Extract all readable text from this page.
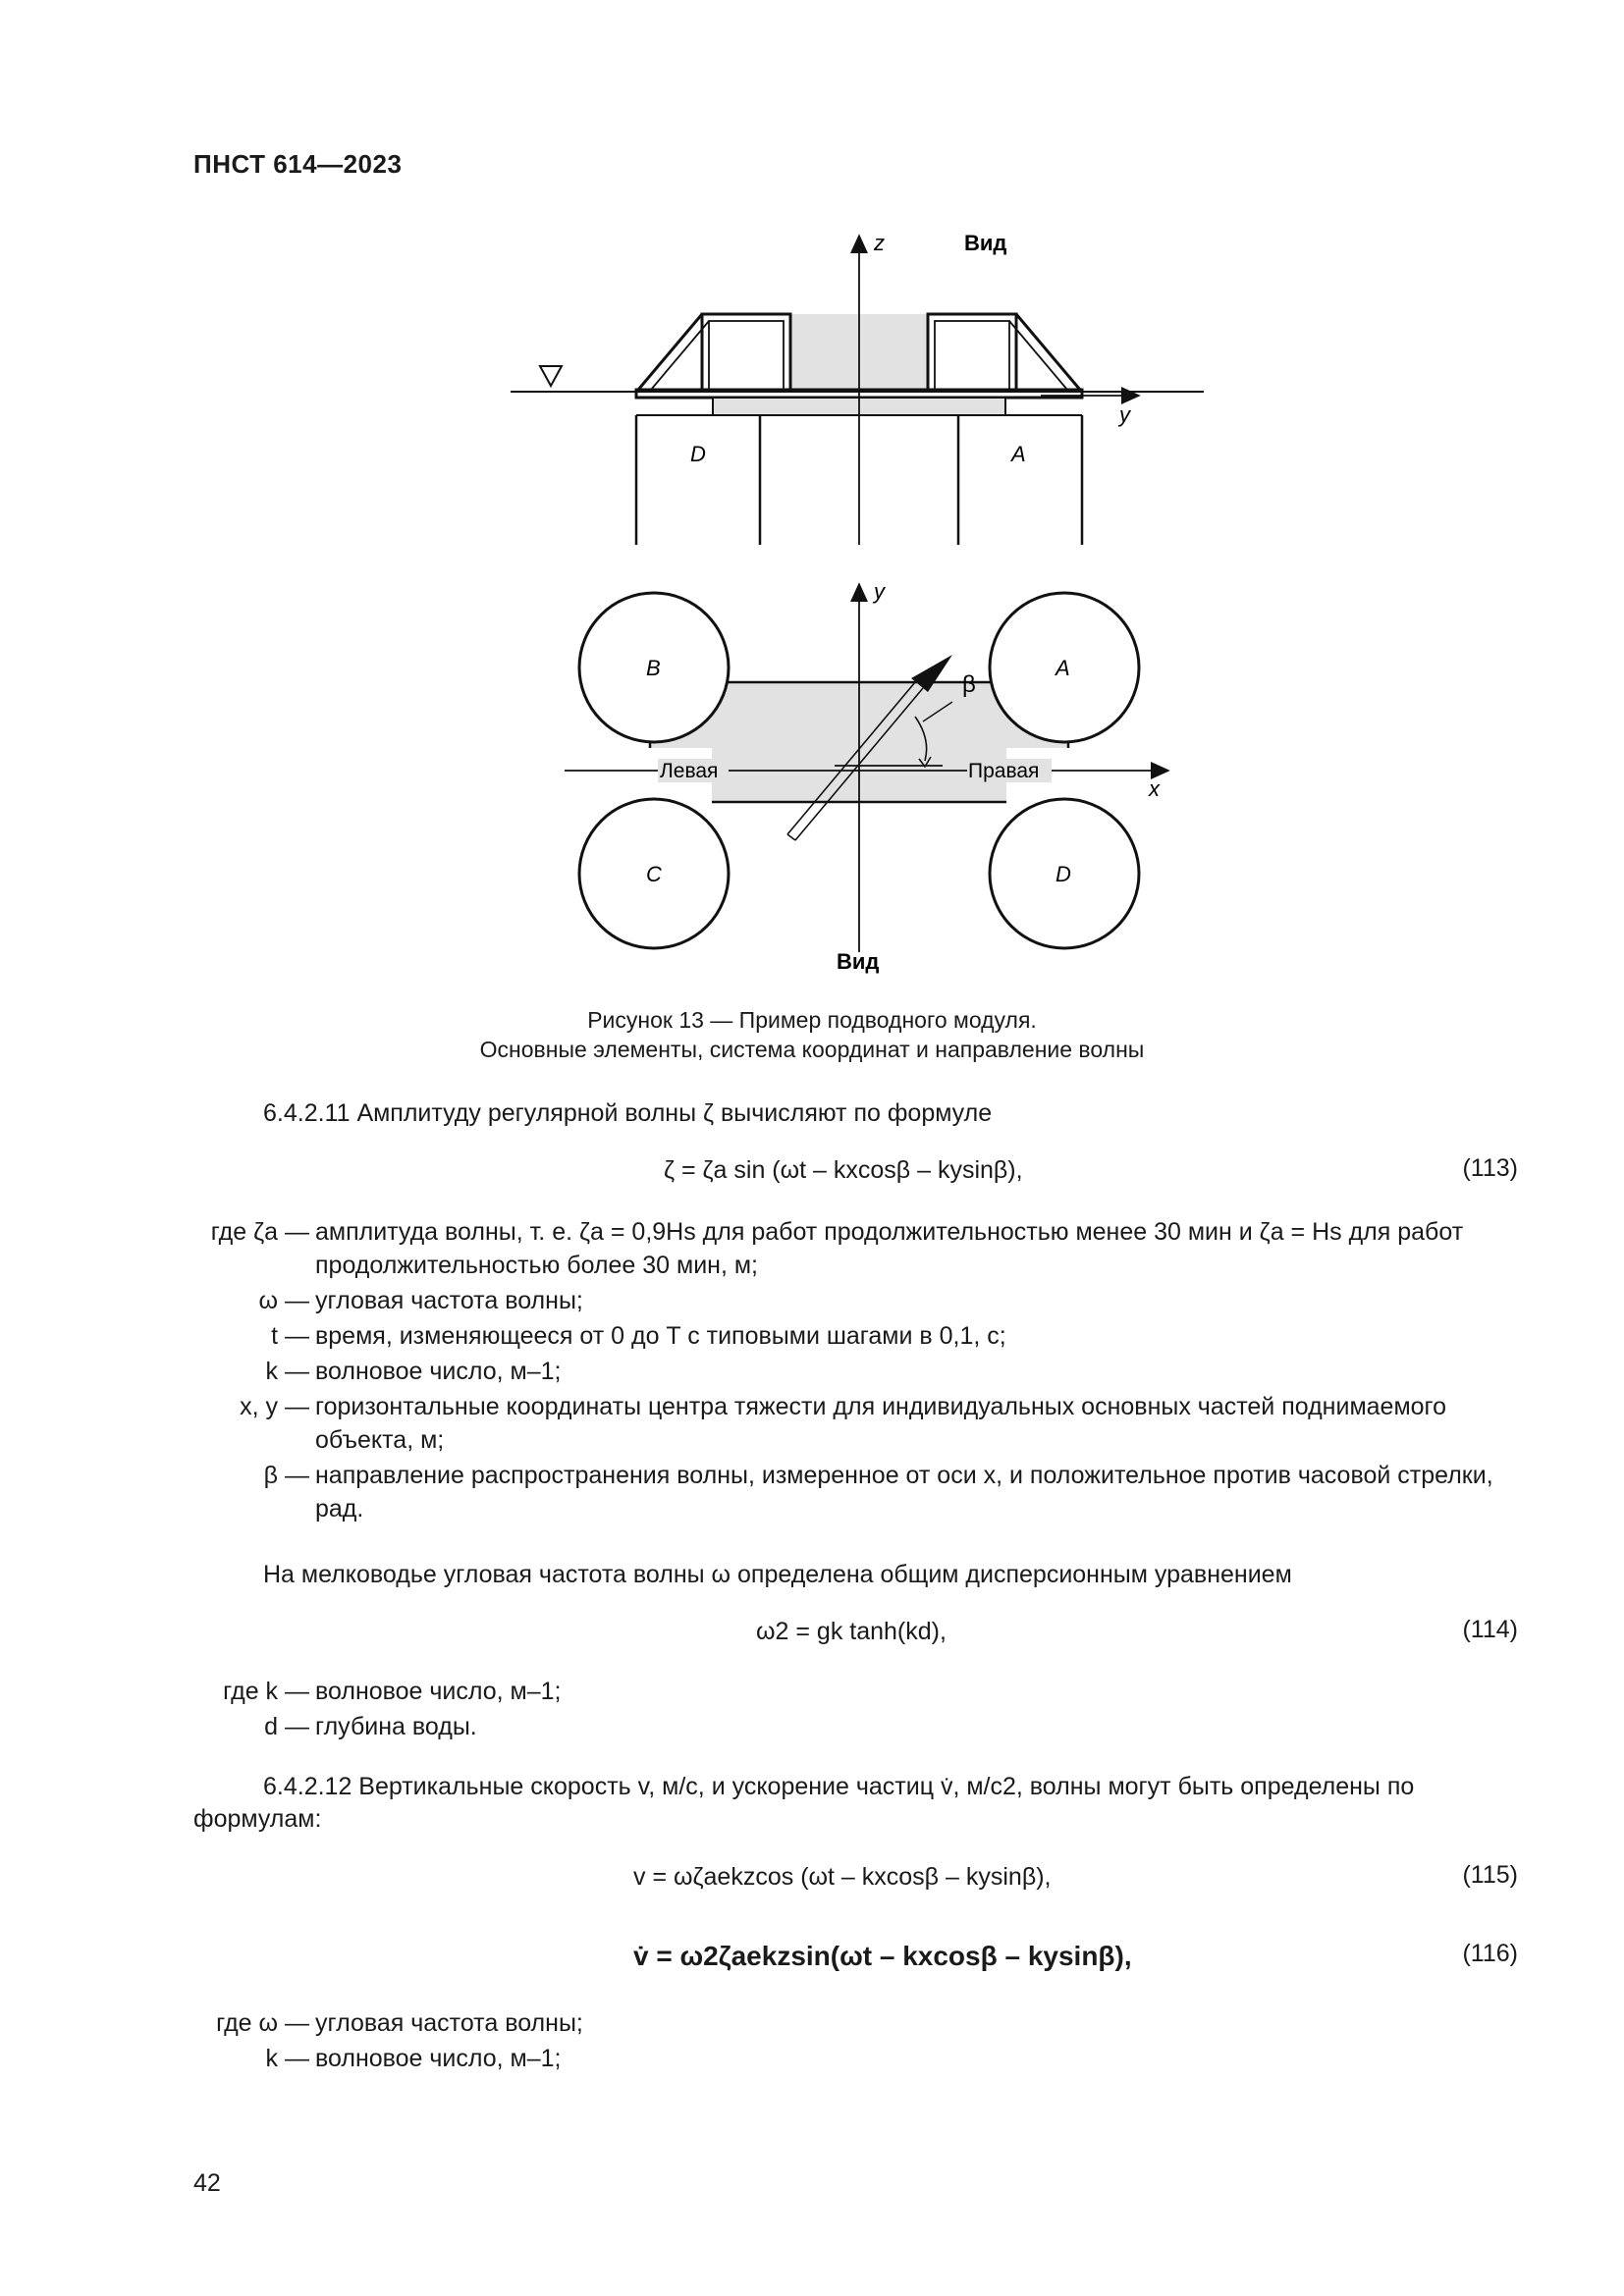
ПНСТ 614—2023
z	Вид
y
D	A
Левая	Правая
y
x
β
B	A
C	D
Вид
Рисунок 13 — Пример подводного модуля.
Основные элементы, система координат и направление волны
6.4.2.11 Амплитуду регулярной волны ζ вычисляют по формуле
ζ = ζa sin (ωt – kxcosβ – kysinβ),	(113)
где ζa — амплитуда волны, т. е. ζa = 0,9Hs для работ продолжительностью менее 30 мин и ζa = Hs для работ продолжительностью более 30 мин, м;
ω — угловая частота волны;
t — время, изменяющееся от 0 до T с типовыми шагами в 0,1, с;
k — волновое число, м–1;
x, y — горизонтальные координаты центра тяжести для индивидуальных основных частей поднимаемого объекта, м;
β — направление распространения волны, измеренное от оси x, и положительное против часовой стрелки, рад.
На мелководье угловая частота волны ω определена общим дисперсионным уравнением
ω2 = gk tanh(kd),	(114)
где k — волновое число, м–1;
d — глубина воды.
6.4.2.12 Вертикальные скорость v, м/с, и ускорение частиц v̇, м/с2, волны могут быть определены по формулам:
v = ωζaekzcos (ωt – kxcosβ – kysinβ),	(115)
v̇ = ω2ζaekzsin(ωt – kxcosβ – kysinβ),	(116)
где ω — угловая частота волны;
k — волновое число, м–1;
42
